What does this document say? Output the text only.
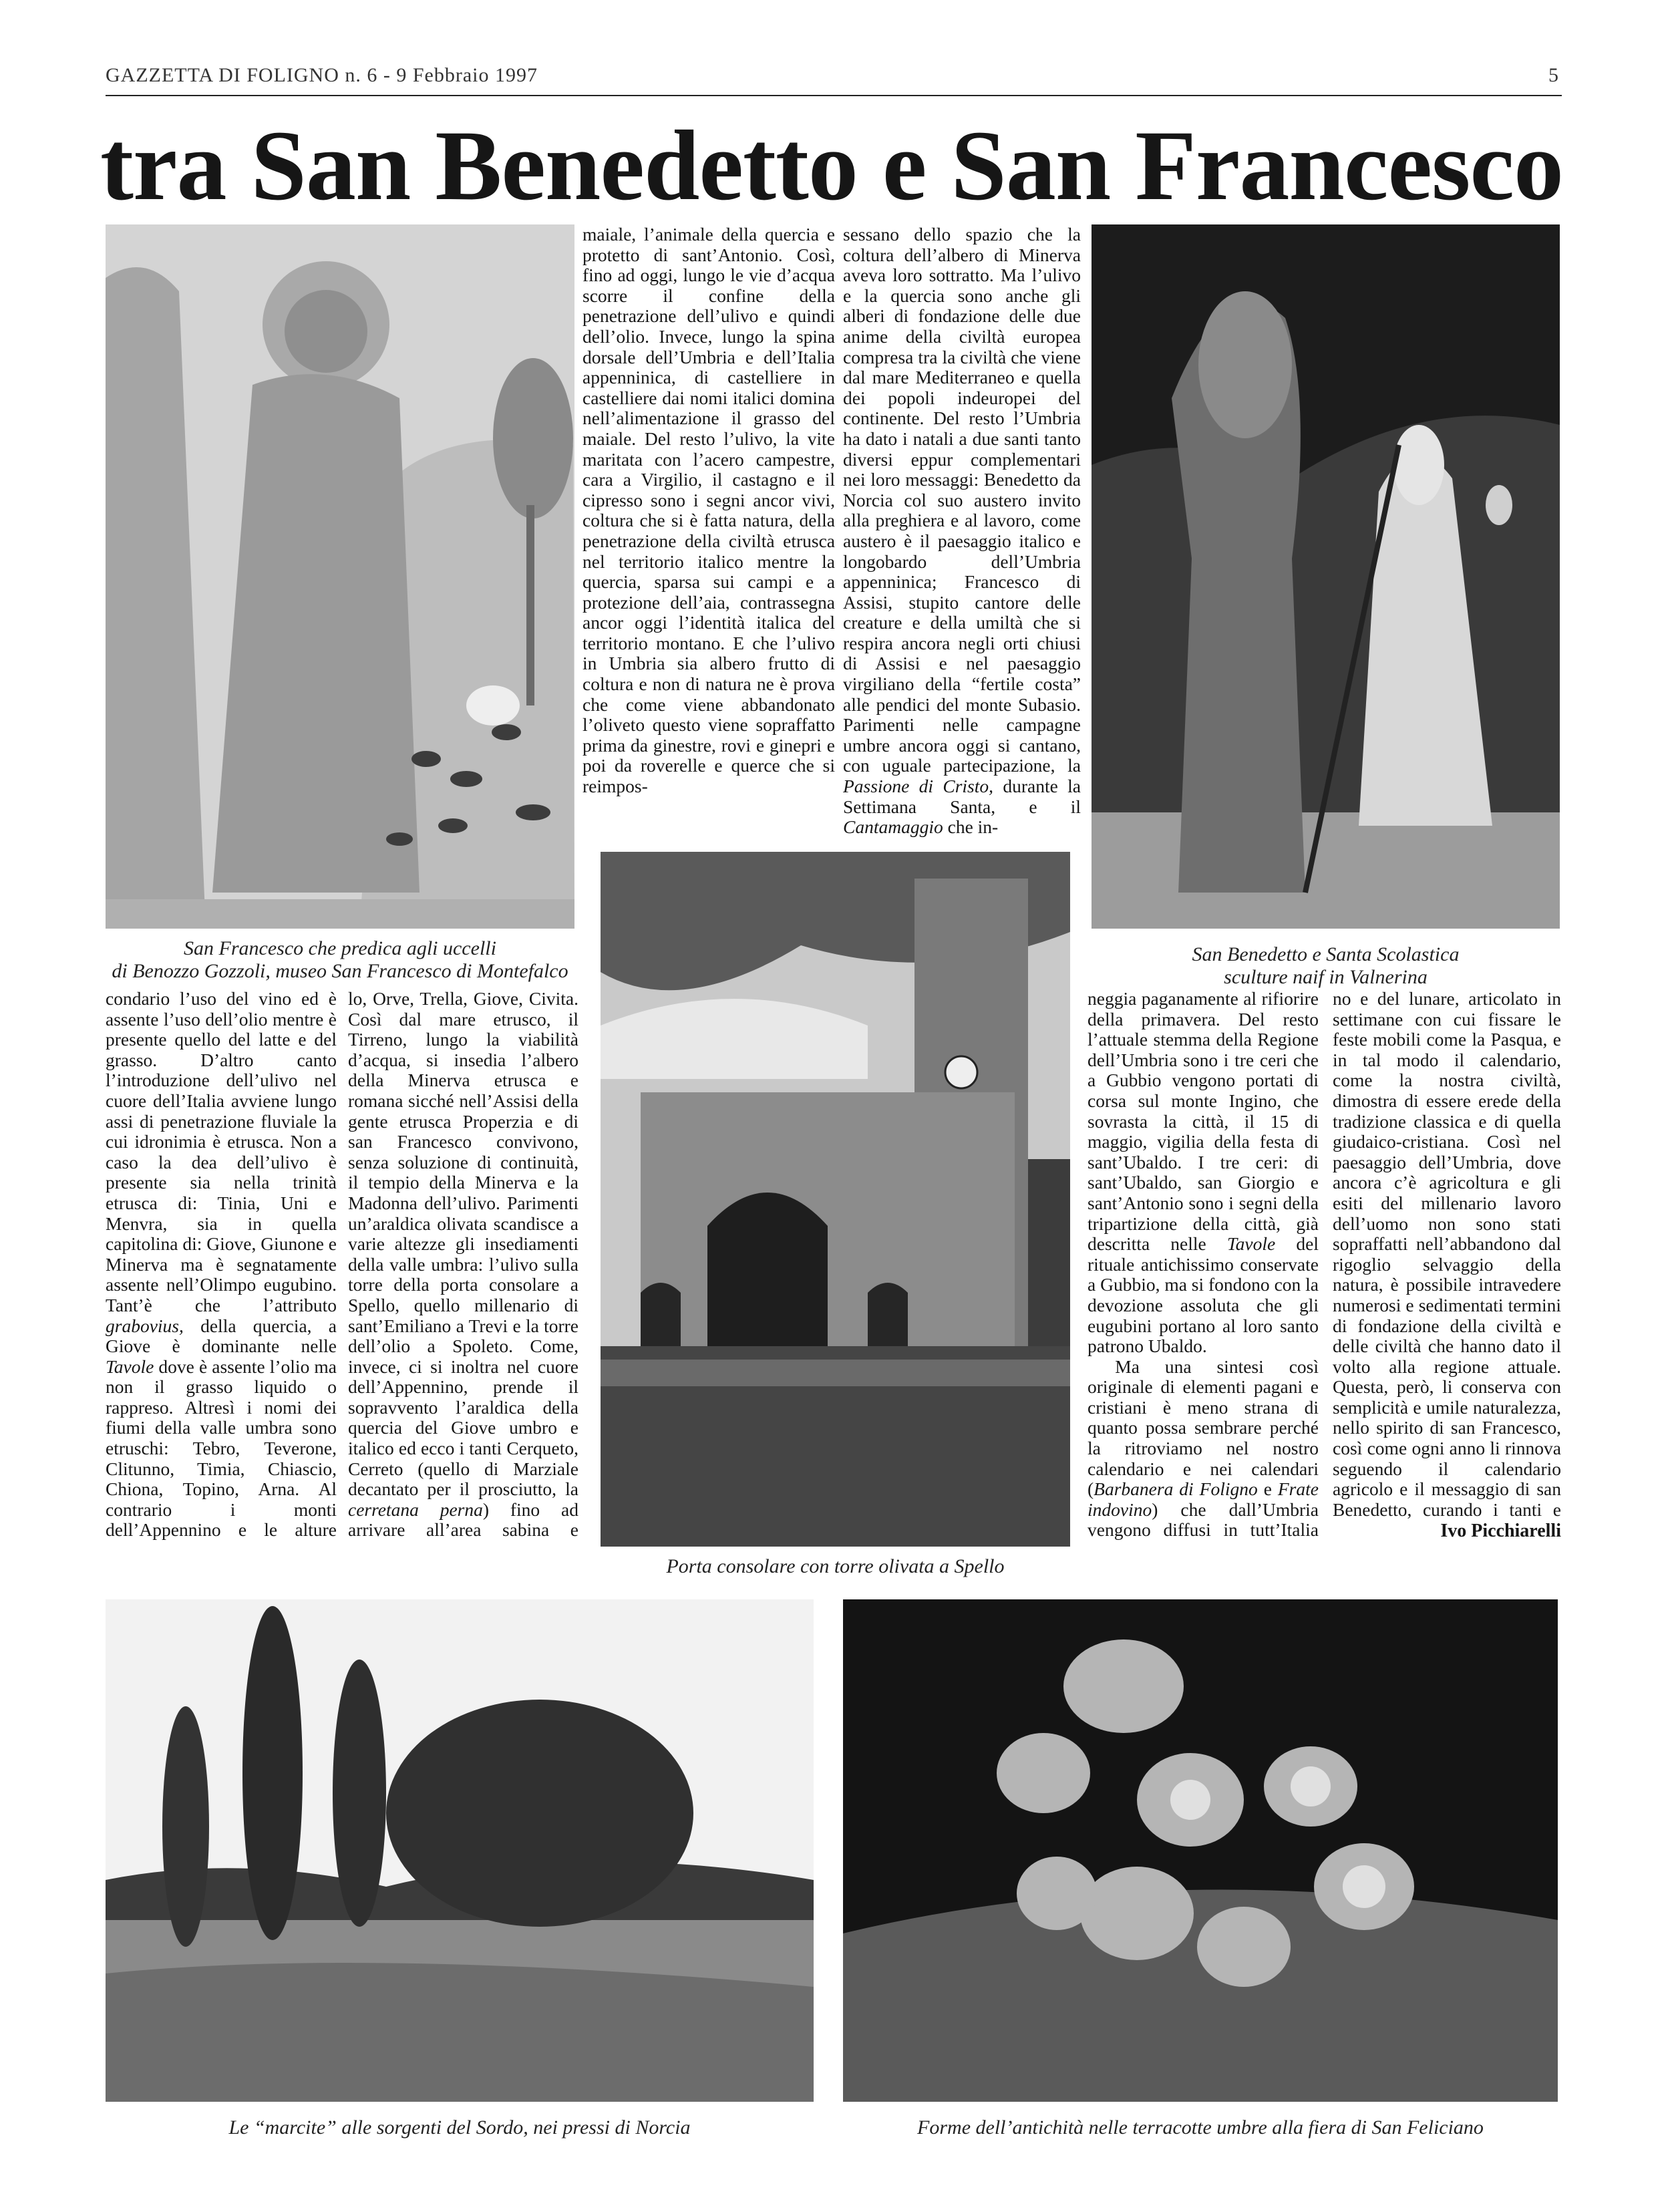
GAZZETTA DI FOLIGNO n. 6 - 9 Febbraio 1997	5
tra San Benedetto e San Francesco
San Francesco che predica agli uccelli
di Benozzo Gozzoli, museo San Francesco di Montefalco

maiale, l’animale della quercia e protetto di sant’Antonio. Così, fino ad oggi, lungo le vie d’acqua scorre il confine della penetrazione dell’ulivo e quindi dell’olio. Invece, lungo la spina dorsale dell’Umbria e dell’Italia appenninica, di castelliere in castelliere dai nomi italici domina nell’alimentazione il grasso del maiale. Del resto l’ulivo, la vite maritata con l’acero campestre, cara a Virgilio, il castagno e il cipresso sono i segni ancor vivi, coltura che si è fatta natura, della penetrazione della civiltà etrusca nel territorio italico mentre la quercia, sparsa sui campi e a protezione dell’aia, contrassegna ancor oggi l’identità italica del territorio montano. E che l’ulivo in Umbria sia albero frutto di coltura e non di natura ne è prova che come viene abbandonato l’oliveto questo viene sopraffatto prima da ginestre, rovi e ginepri e poi da roverelle e querce che si reimpos-

sessano dello spazio che la coltura dell’albero di Minerva aveva loro sottratto. Ma l’ulivo e la quercia sono anche gli alberi di fondazione delle due anime della civiltà europea compresa tra la civiltà che viene dal mare Mediterraneo e quella dei popoli indeuropei del continente. Del resto l’Umbria ha dato i natali a due santi tanto diversi eppur complementari nei loro messaggi: Benedetto da Norcia col suo austero invito alla preghiera e al lavoro, come austero è il paesaggio italico e longobardo dell’Umbria appenninica; Francesco di Assisi, stupito cantore delle creature e della umiltà che si respira ancora negli orti chiusi di Assisi e nel paesaggio virgiliano della “fertile costa” alle pendici del monte Subasio. Parimenti nelle campagne umbre ancora oggi si cantano, con uguale partecipazione, la Passione di Cristo, durante la Settimana Santa, e il Cantamaggio che in-

San Benedetto e Santa Scolastica
sculture naif in Valnerina
Porta consolare con torre olivata a Spello

condario l’uso del vino ed è assente l’uso dell’olio mentre è presente quello del latte e del grasso. D’altro canto l’introduzione dell’ulivo nel cuore dell’Italia avviene lungo assi di penetrazione fluviale la cui idronimia è etrusca. Non a caso la dea dell’ulivo è presente sia nella trinità etrusca di: Tinia, Uni e Menvra, sia in quella capitolina di: Giove, Giunone e Minerva ma è segnatamente assente nell’Olimpo eugubino. Tant’è che l’attributo grabovius, della quercia, a Giove è dominante nelle Tavole dove è assente l’olio ma non il grasso liquido o rappreso. Altresì i nomi dei fiumi della valle umbra sono etruschi: Tebro, Teverone, Clitunno, Timia, Chiascio, Chiona, Topino, Arna. Al contrario i monti dell’Appennino e le alture

lo, Orve, Trella, Giove, Civita. Così dal mare etrusco, il Tirreno, lungo la viabilità d’acqua, si insedia l’albero della Minerva etrusca e romana sicché nell’Assisi della gente etrusca Properzia e di san Francesco convivono, senza soluzione di continuità, il tempio della Minerva e la Madonna dell’ulivo. Parimenti un’araldica olivata scandisce a varie altezze gli insediamenti della valle umbra: l’ulivo sulla torre della porta consolare a Spello, quello millenario di sant’Emiliano a Trevi e la torre dell’olio a Spoleto. Come, invece, ci si inoltra nel cuore dell’Appennino, prende il sopravvento l’araldica della quercia del Giove umbro e italico ed ecco i tanti Cerqueto, Cerreto (quello di Marziale decantato per il prosciutto, la cerretana perna) fino ad arrivare all’area sabina e

neggia paganamente al rifiorire della primavera. Del resto l’attuale stemma della Regione dell’Umbria sono i tre ceri che a Gubbio vengono portati di corsa sul monte Ingino, che sovrasta la città, il 15 di maggio, vigilia della festa di sant’Ubaldo. I tre ceri: di sant’Ubaldo, san Giorgio e sant’Antonio sono i segni della tripartizione della città, già descritta nelle Tavole del rituale antichissimo conservate a Gubbio, ma si fondono con la devozione assoluta che gli eugubini portano al loro santo patrono Ubaldo.

Ma una sintesi così originale di elementi pagani e cristiani è meno strana di quanto possa sembrare perché la ritroviamo nel nostro calendario e nei calendari (Barbanera di Foligno e Frate indovino) che dall’Umbria vengono diffusi in tutt’Italia

no e del lunare, articolato in settimane con cui fissare le feste mobili come la Pasqua, e in tal modo il calendario, come la nostra civiltà, dimostra di essere erede della tradizione classica e di quella giudaico-cristiana. Così nel paesaggio dell’Umbria, dove ancora c’è agricoltura e gli esiti del millenario lavoro dell’uomo non sono stati sopraffatti nell’abbandono dal rigoglio selvaggio della natura, è possibile intravedere numerosi e sedimentati termini di fondazione della civiltà e delle civiltà che hanno dato il volto alla regione attuale. Questa, però, li conserva con semplicità e umile naturalezza, nello spirito di san Francesco, così come ogni anno li rinnova seguendo il calendario agricolo e il messaggio di san Benedetto, curando i tanti e

Ivo Picchiarelli
Le “marcite” alle sorgenti del Sordo, nei pressi di Norcia	Forme dell’antichità nelle terracotte umbre alla fiera di San Feliciano
